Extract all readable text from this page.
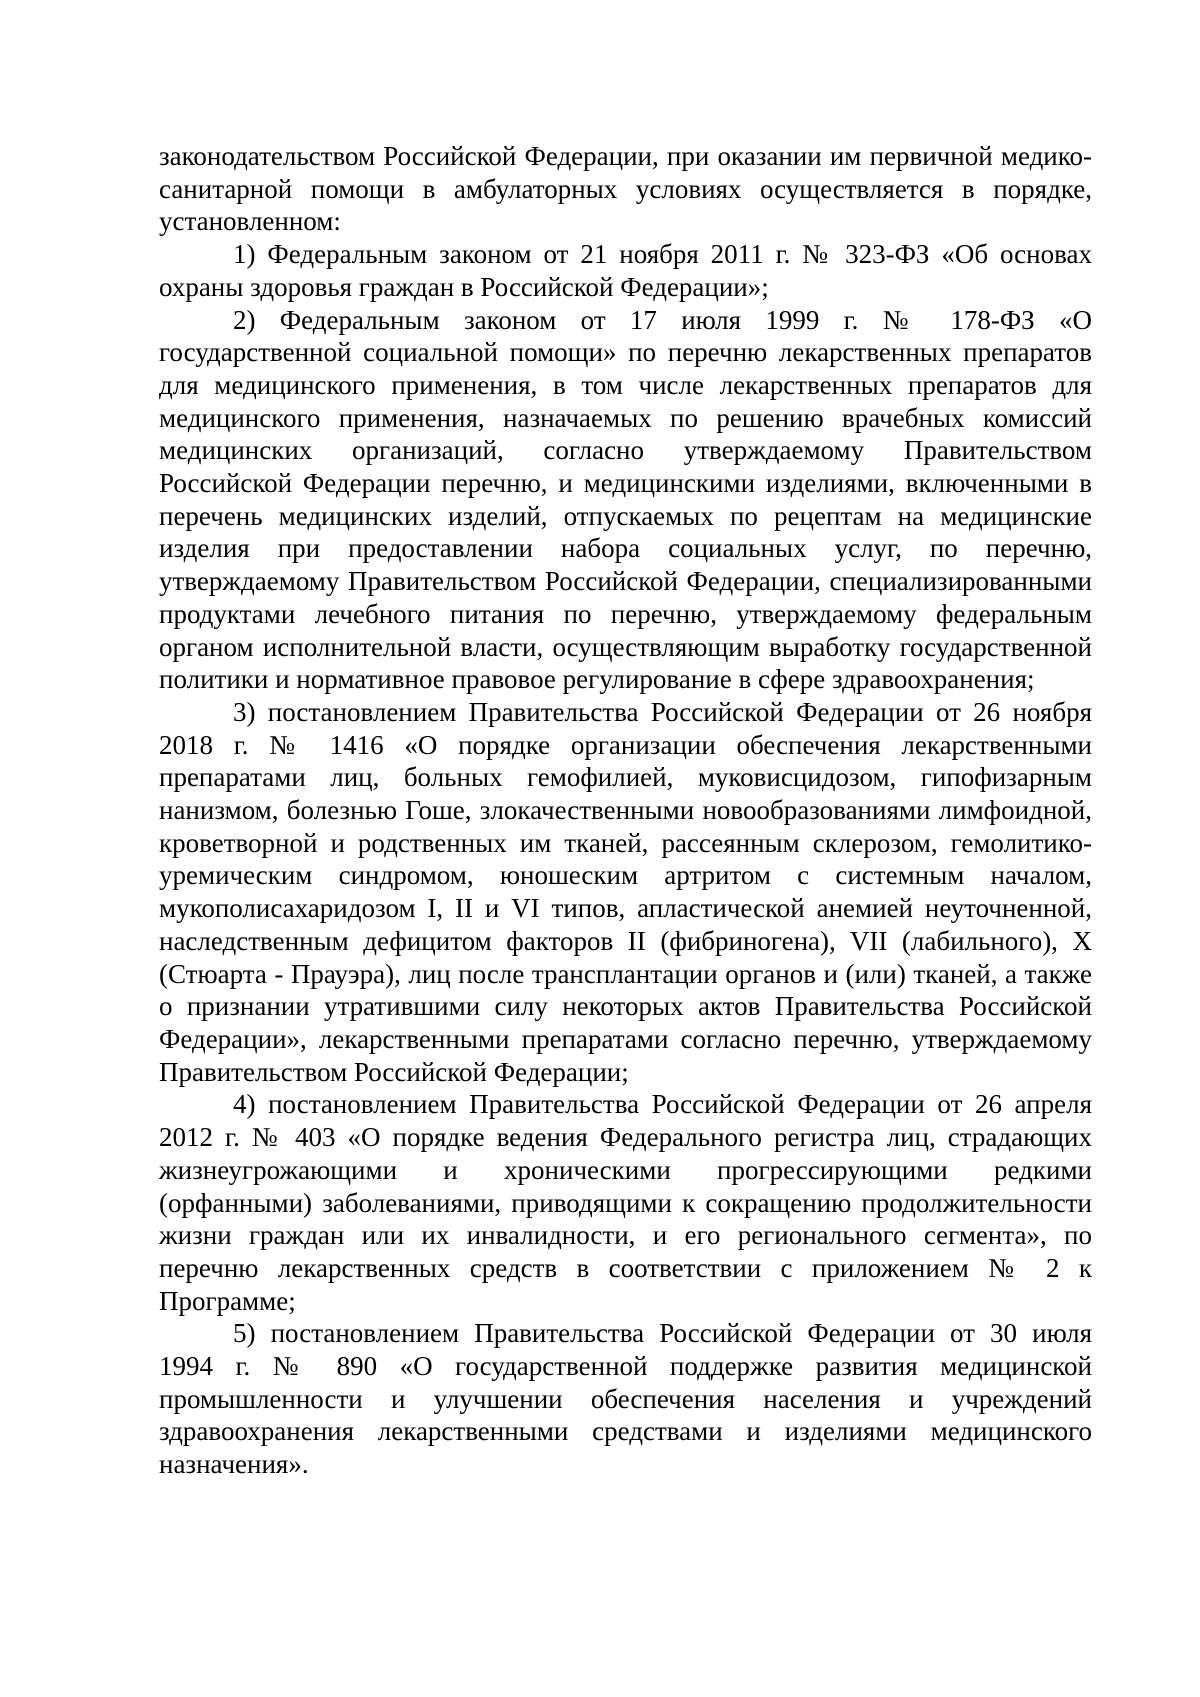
законодательством Российской Федерации, при оказании им первичной медико-санитарной помощи в амбулаторных условиях осуществляется в порядке, установленном:

1) Федеральным законом от 21 ноября 2011 г. № 323-ФЗ «Об основах охраны здоровья граждан в Российской Федерации»;

2) Федеральным законом от 17 июля 1999 г. № 178-ФЗ «О государственной социальной помощи» по перечню лекарственных препаратов для медицинского применения, в том числе лекарственных препаратов для медицинского применения, назначаемых по решению врачебных комиссий медицинских организаций, согласно утверждаемому Правительством Российской Федерации перечню, и медицинскими изделиями, включенными в перечень медицинских изделий, отпускаемых по рецептам на медицинские изделия при предоставлении набора социальных услуг, по перечню, утверждаемому Правительством Российской Федерации, специализированными продуктами лечебного питания по перечню, утверждаемому федеральным органом исполнительной власти, осуществляющим выработку государственной политики и нормативное правовое регулирование в сфере здравоохранения;

3) постановлением Правительства Российской Федерации от 26 ноября 2018 г. № 1416 «О порядке организации обеспечения лекарственными препаратами лиц, больных гемофилией, муковисцидозом, гипофизарным нанизмом, болезнью Гоше, злокачественными новообразованиями лимфоидной, кроветворной и родственных им тканей, рассеянным склерозом, гемолитико-уремическим синдромом, юношеским артритом с системным началом, мукополисахаридозом I, II и VI типов, апластической анемией неуточненной, наследственным дефицитом факторов II (фибриногена), VII (лабильного), X (Стюарта - Прауэра), лиц после трансплантации органов и (или) тканей, а также о признании утратившими силу некоторых актов Правительства Российской Федерации», лекарственными препаратами согласно перечню, утверждаемому Правительством Российской Федерации;

4) постановлением Правительства Российской Федерации от 26 апреля 2012 г. № 403 «О порядке ведения Федерального регистра лиц, страдающих жизнеугрожающими и хроническими прогрессирующими редкими (орфанными) заболеваниями, приводящими к сокращению продолжительности жизни граждан или их инвалидности, и его регионального сегмента», по перечню лекарственных средств в соответствии с приложением № 2 к Программе;

5) постановлением Правительства Российской Федерации от 30 июля 1994 г. № 890 «О государственной поддержке развития медицинской промышленности и улучшении обеспечения населения и учреждений здравоохранения лекарственными средствами и изделиями медицинского назначения».
